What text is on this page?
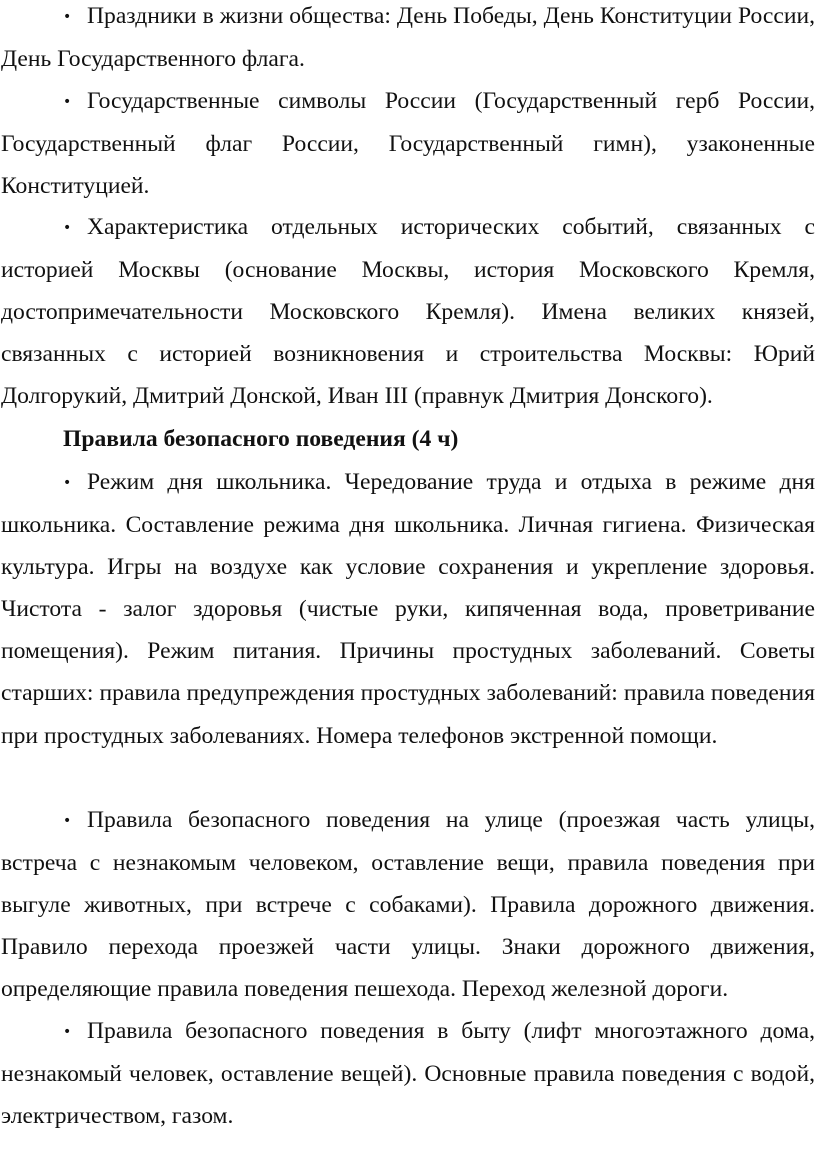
• Праздники в жизни общества: День Победы, День Конституции России, День Государственного флага.

• Государственные символы России (Государственный герб России, Государственный флаг России, Государственный гимн), узаконенные Конституцией.

• Характеристика отдельных исторических событий, связанных с историей Москвы (основание Москвы, история Московского Кремля, достопримечательности Московского Кремля). Имена великих князей, связанных с историей возникновения и строительства Москвы: Юрий Долгорукий, Дмитрий Донской, Иван III (правнук Дмитрия Донского).

Правила безопасного поведения (4 ч)

• Режим дня школьника. Чередование труда и отдыха в режиме дня школьника. Составление режима дня школьника. Личная гигиена. Физическая культура. Игры на воздухе как условие сохранения и укрепление здоровья. Чистота - залог здоровья (чистые руки, кипяченная вода, проветривание помещения). Режим питания. Причины простудных заболеваний. Советы старших: правила предупреждения простудных заболеваний: правила поведения при простудных заболеваниях. Номера телефонов экстренной помощи.

• Правила безопасного поведения на улице (проезжая часть улицы, встреча с незнакомым человеком, оставление вещи, правила поведения при выгуле животных, при встрече с собаками). Правила дорожного движения. Правило перехода проезжей части улицы. Знаки дорожного движения, определяющие правила поведения пешехода. Переход железной дороги.

• Правила безопасного поведения в быту (лифт многоэтажного дома, незнакомый человек, оставление вещей). Основные правила поведения с водой, электричеством, газом.
